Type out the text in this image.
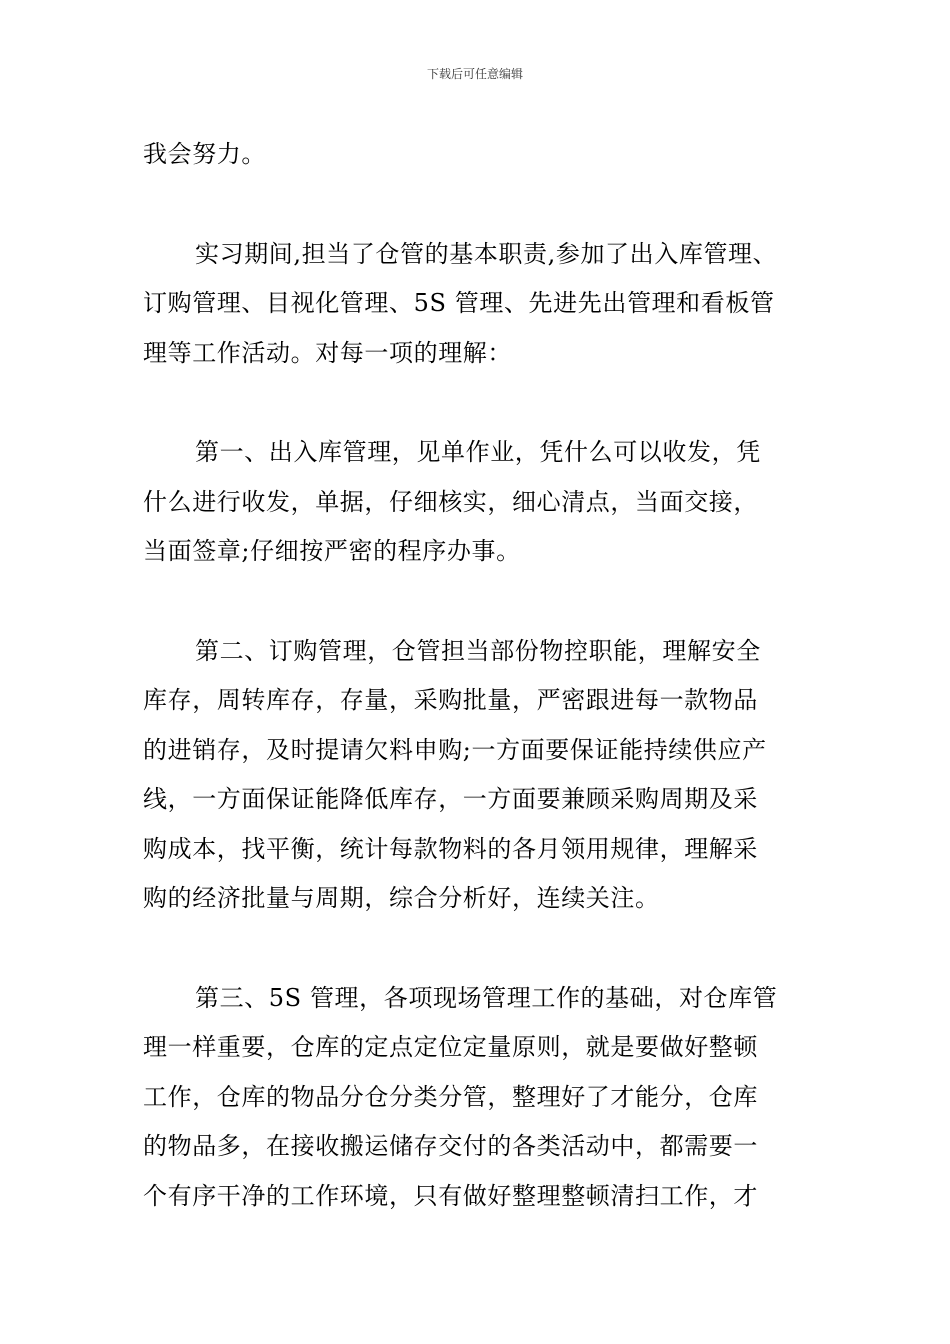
下载后可任意编辑

我会努力。

实习期间,担当了仓管的基本职责,参加了出入库管理、
订购管理、目视化管理、5S 管理、先进先出管理和看板管
理等工作活动。对每一项的理解：

第一、出入库管理，见单作业，凭什么可以收发，凭
什么进行收发，单据，仔细核实，细心清点，当面交接，
当面签章;仔细按严密的程序办事。

第二、订购管理，仓管担当部份物控职能，理解安全
库存，周转库存，存量，采购批量，严密跟进每一款物品
的进销存，及时提请欠料申购;一方面要保证能持续供应产
线，一方面保证能降低库存，一方面要兼顾采购周期及采
购成本，找平衡，统计每款物料的各月领用规律，理解采
购的经济批量与周期，综合分析好，连续关注。

第三、5S 管理，各项现场管理工作的基础，对仓库管
理一样重要，仓库的定点定位定量原则，就是要做好整顿
工作，仓库的物品分仓分类分管，整理好了才能分，仓库
的物品多，在接收搬运储存交付的各类活动中，都需要一
个有序干净的工作环境，只有做好整理整顿清扫工作，才
